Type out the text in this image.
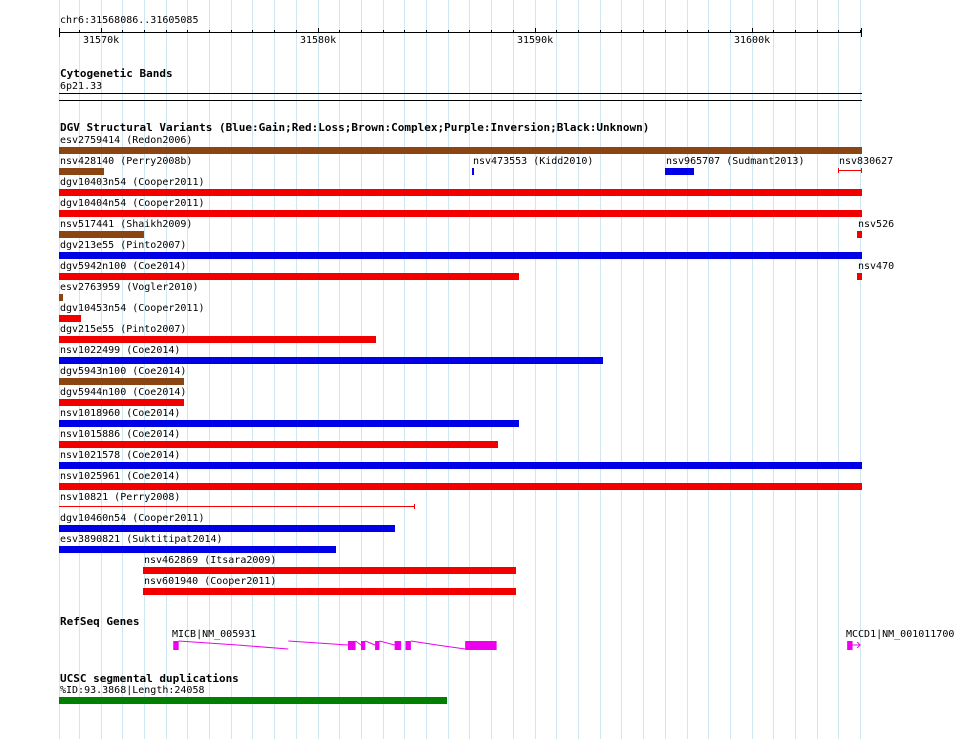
chr6:31568086..31605085
31570k	31580k	31590k	31600k
Cytogenetic Bands
6p21.33
DGV Structural Variants (Blue:Gain;Red:Loss;Brown:Complex;Purple:Inversion;Black:Unknown)
esv2759414 (Redon2006)
nsv428140 (Perry2008b)	nsv473553 (Kidd2010)	nsv965707 (Sudmant2013)	nsv830627
dgv10403n54 (Cooper2011)
dgv10404n54 (Cooper2011)
nsv517441 (Shaikh2009)	nsv526
dgv213e55 (Pinto2007)
dgv5942n100 (Coe2014)	nsv470
esv2763959 (Vogler2010)
dgv10453n54 (Cooper2011)
dgv215e55 (Pinto2007)
nsv1022499 (Coe2014)
dgv5943n100 (Coe2014)
dgv5944n100 (Coe2014)
nsv1018960 (Coe2014)
nsv1015886 (Coe2014)
nsv1021578 (Coe2014)
nsv1025961 (Coe2014)
nsv10821 (Perry2008)
dgv10460n54 (Cooper2011)
esv3890821 (Suktitipat2014)
nsv462869 (Itsara2009)
nsv601940 (Cooper2011)
RefSeq Genes
MICB|NM_005931	MCCD1|NM_001011700
UCSC segmental duplications
%ID:93.3868|Length:24058
